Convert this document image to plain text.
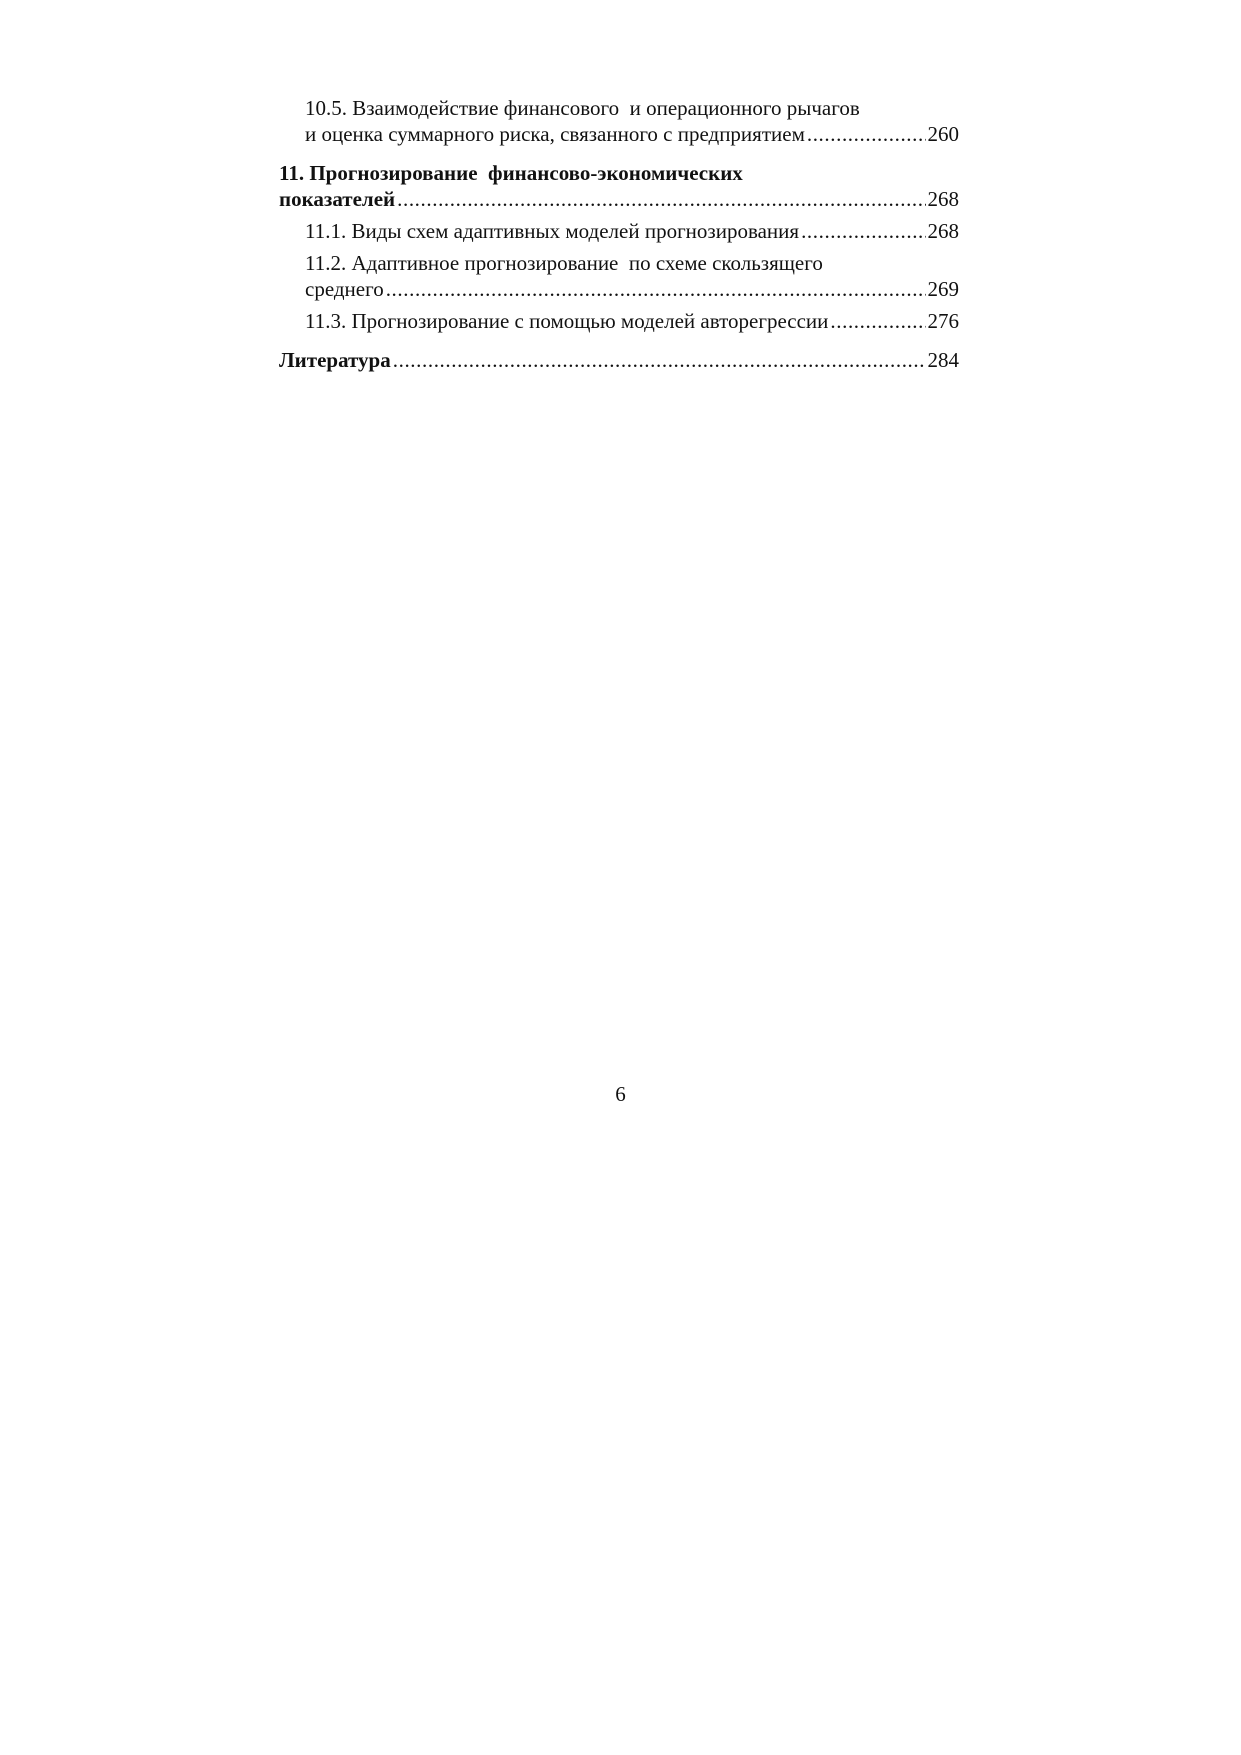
10.5. Взаимодействие финансового  и операционного рычагов
и оценка суммарного риска, связанного с предприятием .....	260
11. Прогнозирование  финансово-экономических
показателей .....	268
11.1. Виды схем адаптивных моделей прогнозирования .....	268
11.2. Адаптивное прогнозирование  по схеме скользящего
среднего .....	269
11.3. Прогнозирование с помощью моделей авторегрессии .....	276
Литература .....	284
6
